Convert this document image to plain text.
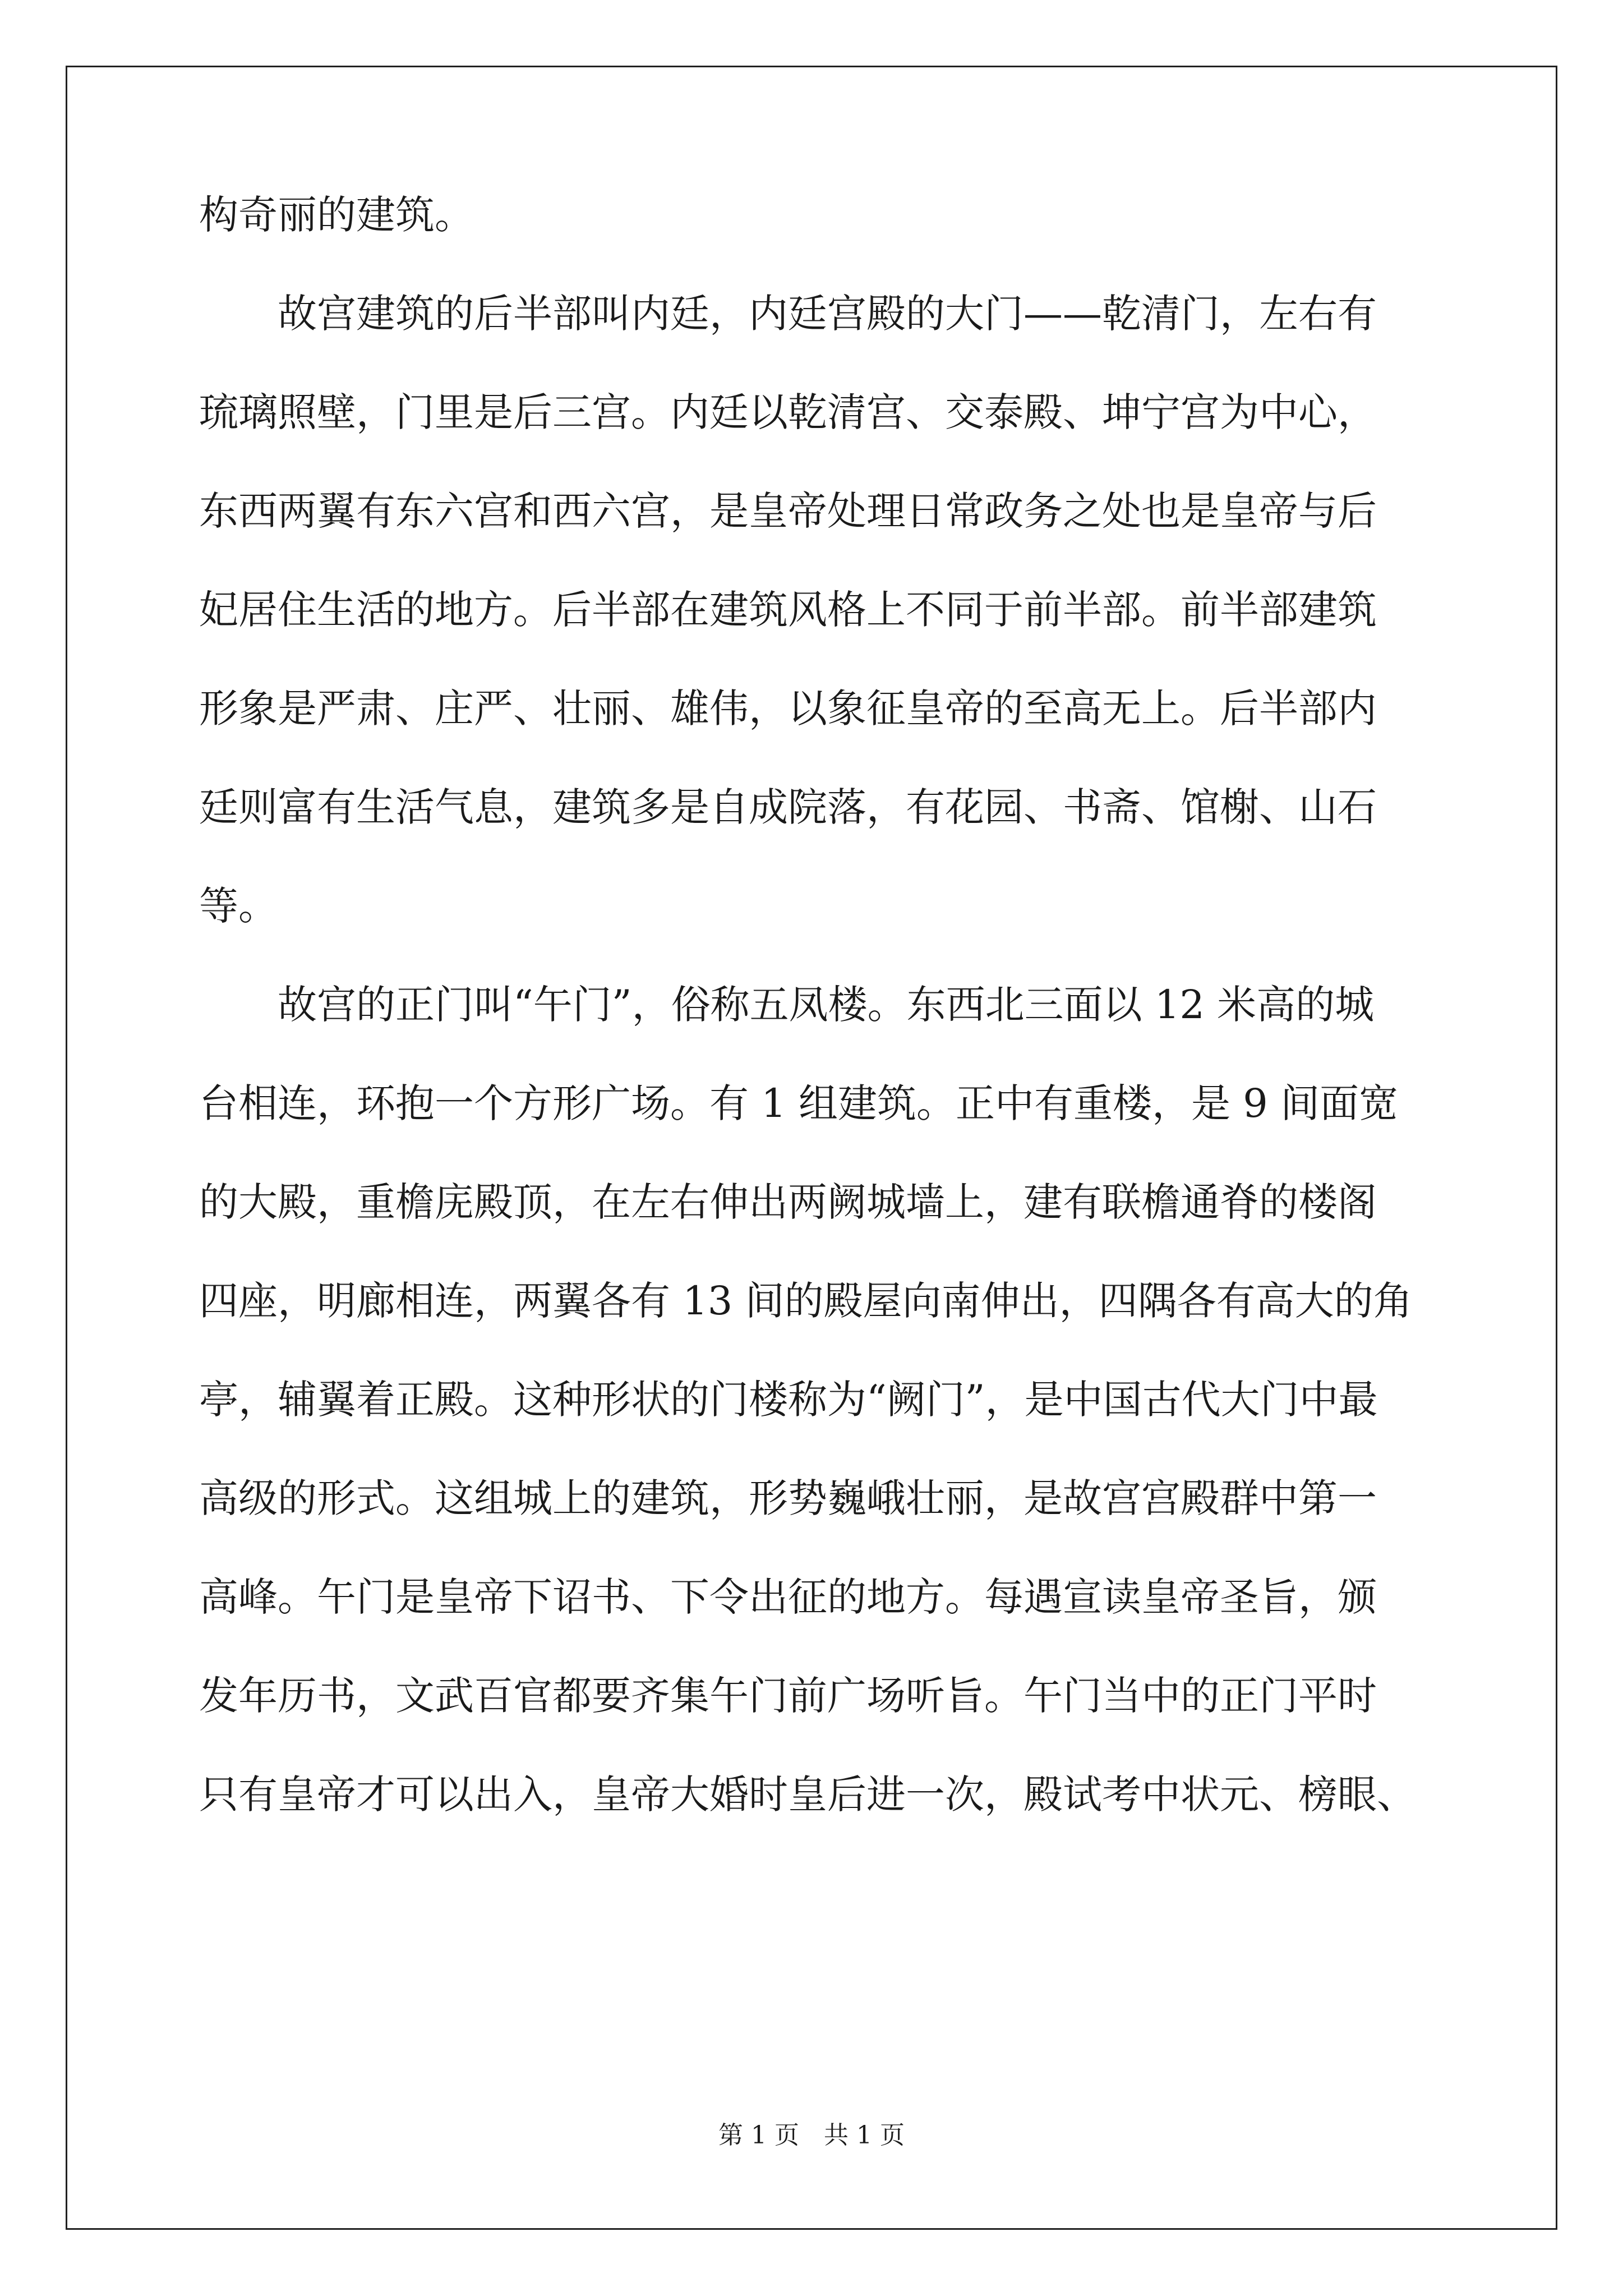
构奇丽的建筑。
故宫建筑的后半部叫内廷，内廷宫殿的大门——乾清门，左右有
琉璃照壁，门里是后三宫。内廷以乾清宫、交泰殿、坤宁宫为中心，
东西两翼有东六宫和西六宫，是皇帝处理日常政务之处也是皇帝与后
妃居住生活的地方。后半部在建筑风格上不同于前半部。前半部建筑
形象是严肃、庄严、壮丽、雄伟，以象征皇帝的至高无上。后半部内
廷则富有生活气息，建筑多是自成院落，有花园、书斋、馆榭、山石
等。
故宫的正门叫“午门”，俗称五凤楼。东西北三面以 12 米高的城
台相连，环抱一个方形广场。有 1 组建筑。正中有重楼，是 9 间面宽
的大殿，重檐庑殿顶，在左右伸出两阙城墙上，建有联檐通脊的楼阁
四座，明廊相连，两翼各有 13 间的殿屋向南伸出，四隅各有高大的角
亭，辅翼着正殿。这种形状的门楼称为“阙门”，是中国古代大门中最
高级的形式。这组城上的建筑，形势巍峨壮丽，是故宫宫殿群中第一
高峰。午门是皇帝下诏书、下令出征的地方。每遇宣读皇帝圣旨，颁
发年历书，文武百官都要齐集午门前广场听旨。午门当中的正门平时
只有皇帝才可以出入，皇帝大婚时皇后进一次，殿试考中状元、榜眼、
第 1 页　共 1 页
